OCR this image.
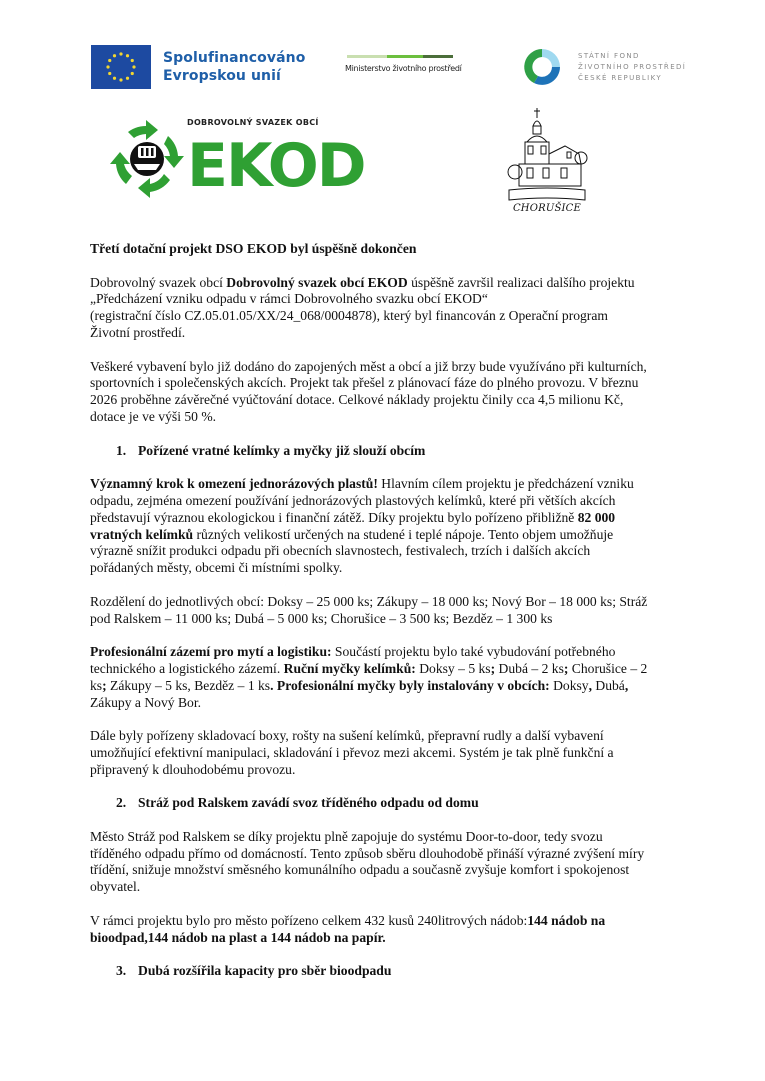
Spolufinancováno
Evropskou unií	Ministerstvo životního prostředí
STÁTNÍ FOND
ŽIVOTNÍHO PROSTŘEDÍ
ČESKÉ REPUBLIKY
DOBROVOLNÝ SVAZEK OBCÍ
EKOD
CHORUŠICE

Třetí dotační projekt DSO EKOD byl úspěšně dokončen

Dobrovolný svazek obcí Dobrovolný svazek obcí EKOD úspěšně završil realizaci dalšího projektu

„Předcházení vzniku odpadu v rámci Dobrovolného svazku obcí EKOD“

(registrační číslo CZ.05.01.05/XX/24_068/0004878), který byl financován z Operační program

Životní prostředí.

Veškeré vybavení bylo již dodáno do zapojených měst a obcí a již brzy bude využíváno při kulturních,

sportovních i společenských akcích. Projekt tak přešel z plánovací fáze do plného provozu. V březnu

2026 proběhne závěrečné vyúčtování dotace. Celkové náklady projektu činily cca 4,5 milionu Kč,

dotace je ve výši 50 %.

1. Pořízené vratné kelímky a myčky již slouží obcím

Významný krok k omezení jednorázových plastů! Hlavním cílem projektu je předcházení vzniku

odpadu, zejména omezení používání jednorázových plastových kelímků, které při větších akcích

představují výraznou ekologickou i finanční zátěž. Díky projektu bylo pořízeno přibližně 82 000

vratných kelímků různých velikostí určených na studené i teplé nápoje. Tento objem umožňuje

výrazně snížit produkci odpadu při obecních slavnostech, festivalech, trzích i dalších akcích

pořádaných městy, obcemi či místními spolky.

Rozdělení do jednotlivých obcí: Doksy – 25 000 ks; Zákupy – 18 000 ks; Nový Bor – 18 000 ks; Stráž

pod Ralskem – 11 000 ks; Dubá – 5 000 ks; Chorušice – 3 500 ks; Bezděz – 1 300 ks

Profesionální zázemí pro mytí a logistiku: Součástí projektu bylo také vybudování potřebného

technického a logistického zázemí. Ruční myčky kelímků: Doksy – 5 ks; Dubá – 2 ks; Chorušice – 2

ks; Zákupy – 5 ks, Bezděz – 1 ks. Profesionální myčky byly instalovány v obcích: Doksy, Dubá,

Zákupy a Nový Bor.

Dále byly pořízeny skladovací boxy, rošty na sušení kelímků, přepravní rudly a další vybavení

umožňující efektivní manipulaci, skladování i převoz mezi akcemi. Systém je tak plně funkční a

připravený k dlouhodobému provozu.

2. Stráž pod Ralskem zavádí svoz tříděného odpadu od domu

Město Stráž pod Ralskem se díky projektu plně zapojuje do systému Door-to-door, tedy svozu

tříděného odpadu přímo od domácností. Tento způsob sběru dlouhodobě přináší výrazné zvýšení míry

třídění, snižuje množství směsného komunálního odpadu a současně zvyšuje komfort i spokojenost

obyvatel.

V rámci projektu bylo pro město pořízeno celkem 432 kusů 240litrových nádob:144 nádob na

bioodpad,144 nádob na plast a 144 nádob na papír.

3. Dubá rozšířila kapacity pro sběr bioodpadu
